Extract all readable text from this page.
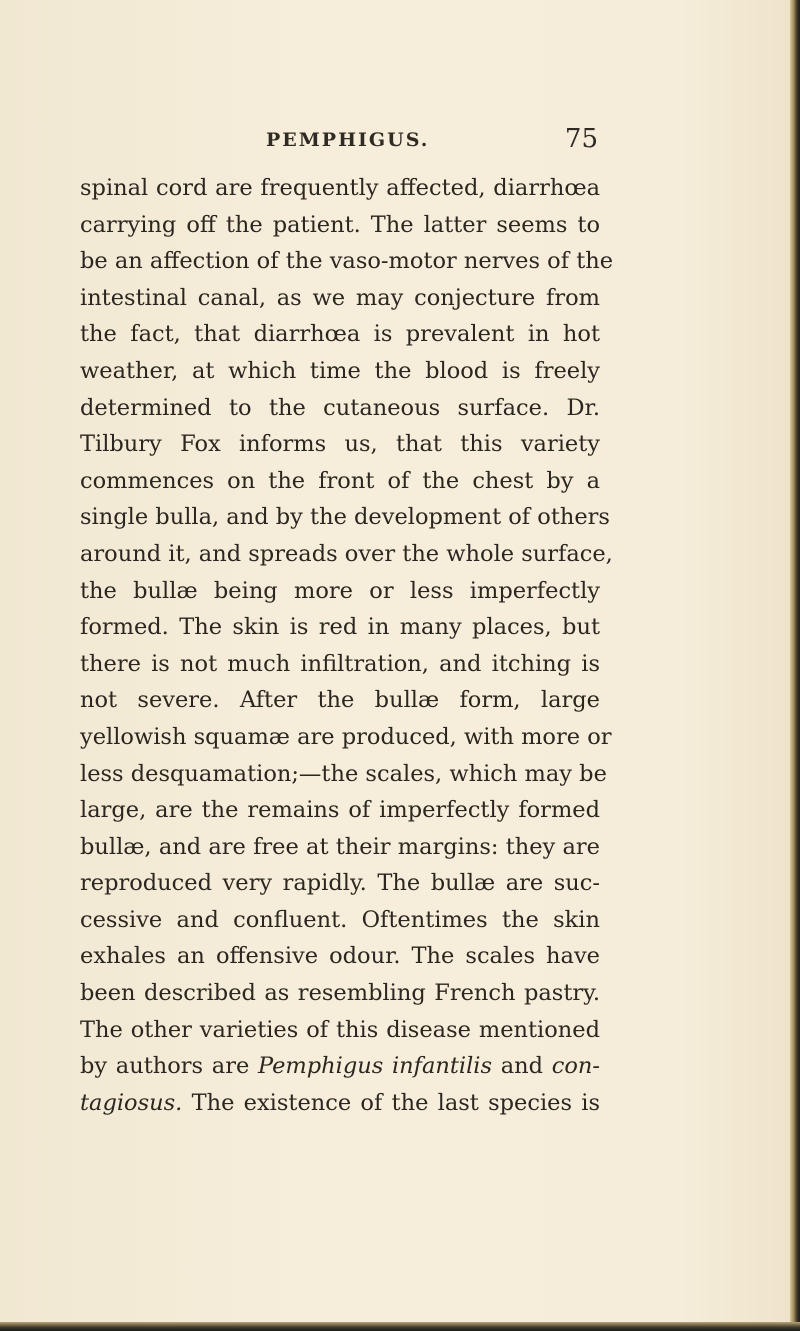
PEMPHIGUS.	75
spinal cord are frequently affected, diarrhœa
carrying off the patient. The latter seems to
be an affection of the vaso-motor nerves of the
intestinal canal, as we may conjecture from
the fact, that diarrhœa is prevalent in hot
weather, at which time the blood is freely
determined to the cutaneous surface. Dr.
Tilbury Fox informs us, that this variety
commences on the front of the chest by a
single bulla, and by the development of others
around it, and spreads over the whole surface,
the bullæ being more or less imperfectly
formed. The skin is red in many places, but
there is not much infiltration, and itching is
not severe. After the bullæ form, large
yellowish squamæ are produced, with more or
less desquamation;—the scales, which may be
large, are the remains of imperfectly formed
bullæ, and are free at their margins: they are
reproduced very rapidly. The bullæ are suc-
cessive and confluent. Oftentimes the skin
exhales an offensive odour. The scales have
been described as resembling French pastry.
The other varieties of this disease mentioned
by authors are Pemphigus infantilis and con-
tagiosus. The existence of the last species is
